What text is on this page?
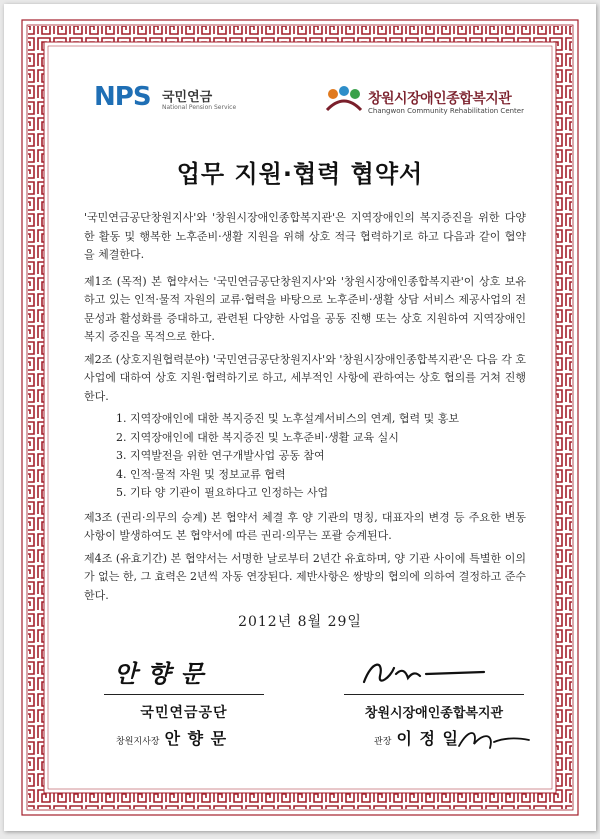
NPS 국민연금
National Pension Service
창원시장애인종합복지관
Changwon Community Rehabilitation Center
업무 지원·협력 협약서

'국민연금공단창원지사'와 '창원시장애인종합복지관'은 지역장애인의 복지증진을 위한 다양한 활동 및 행복한 노후준비·생활 지원을 위해 상호 적극 협력하기로 하고 다음과 같이 협약을 체결한다.

제1조 (목적) 본 협약서는 '국민연금공단창원지사'와 '창원시장애인종합복지관'이 상호 보유하고 있는 인적·물적 자원의 교류·협력을 바탕으로 노후준비·생활 상담 서비스 제공사업의 전문성과 활성화를 증대하고, 관련된 다양한 사업을 공동 진행 또는 상호 지원하여 지역장애인 복지 증진을 목적으로 한다.

제2조 (상호지원협력분야) '국민연금공단창원지사'와 '창원시장애인종합복지관'은 다음 각 호 사업에 대하여 상호 지원·협력하기로 하고, 세부적인 사항에 관하여는 상호 협의를 거쳐 진행한다.

1. 지역장애인에 대한 복지증진 및 노후설계서비스의 연계, 협력 및 홍보
2. 지역장애인에 대한 복지증진 및 노후준비·생활 교육 실시
3. 지역발전을 위한 연구개발사업 공동 참여
4. 인적·물적 자원 및 정보교류 협력
5. 기타 양 기관이 필요하다고 인정하는 사업

제3조 (권리·의무의 승계) 본 협약서 체결 후 양 기관의 명칭, 대표자의 변경 등 주요한 변동사항이 발생하여도 본 협약서에 따른 권리·의무는 포괄 승계된다.

제4조 (유효기간) 본 협약서는 서명한 날로부터 2년간 유효하며, 양 기관 사이에 특별한 이의가 없는 한, 그 효력은 2년씩 자동 연장된다. 제반사항은 쌍방의 협의에 의하여 결정하고 준수한다.

2012년 8월 29일
안향문
국민연금공단
창원지사장 안 향 문
창원시장애인종합복지관
관장 이 정 일
